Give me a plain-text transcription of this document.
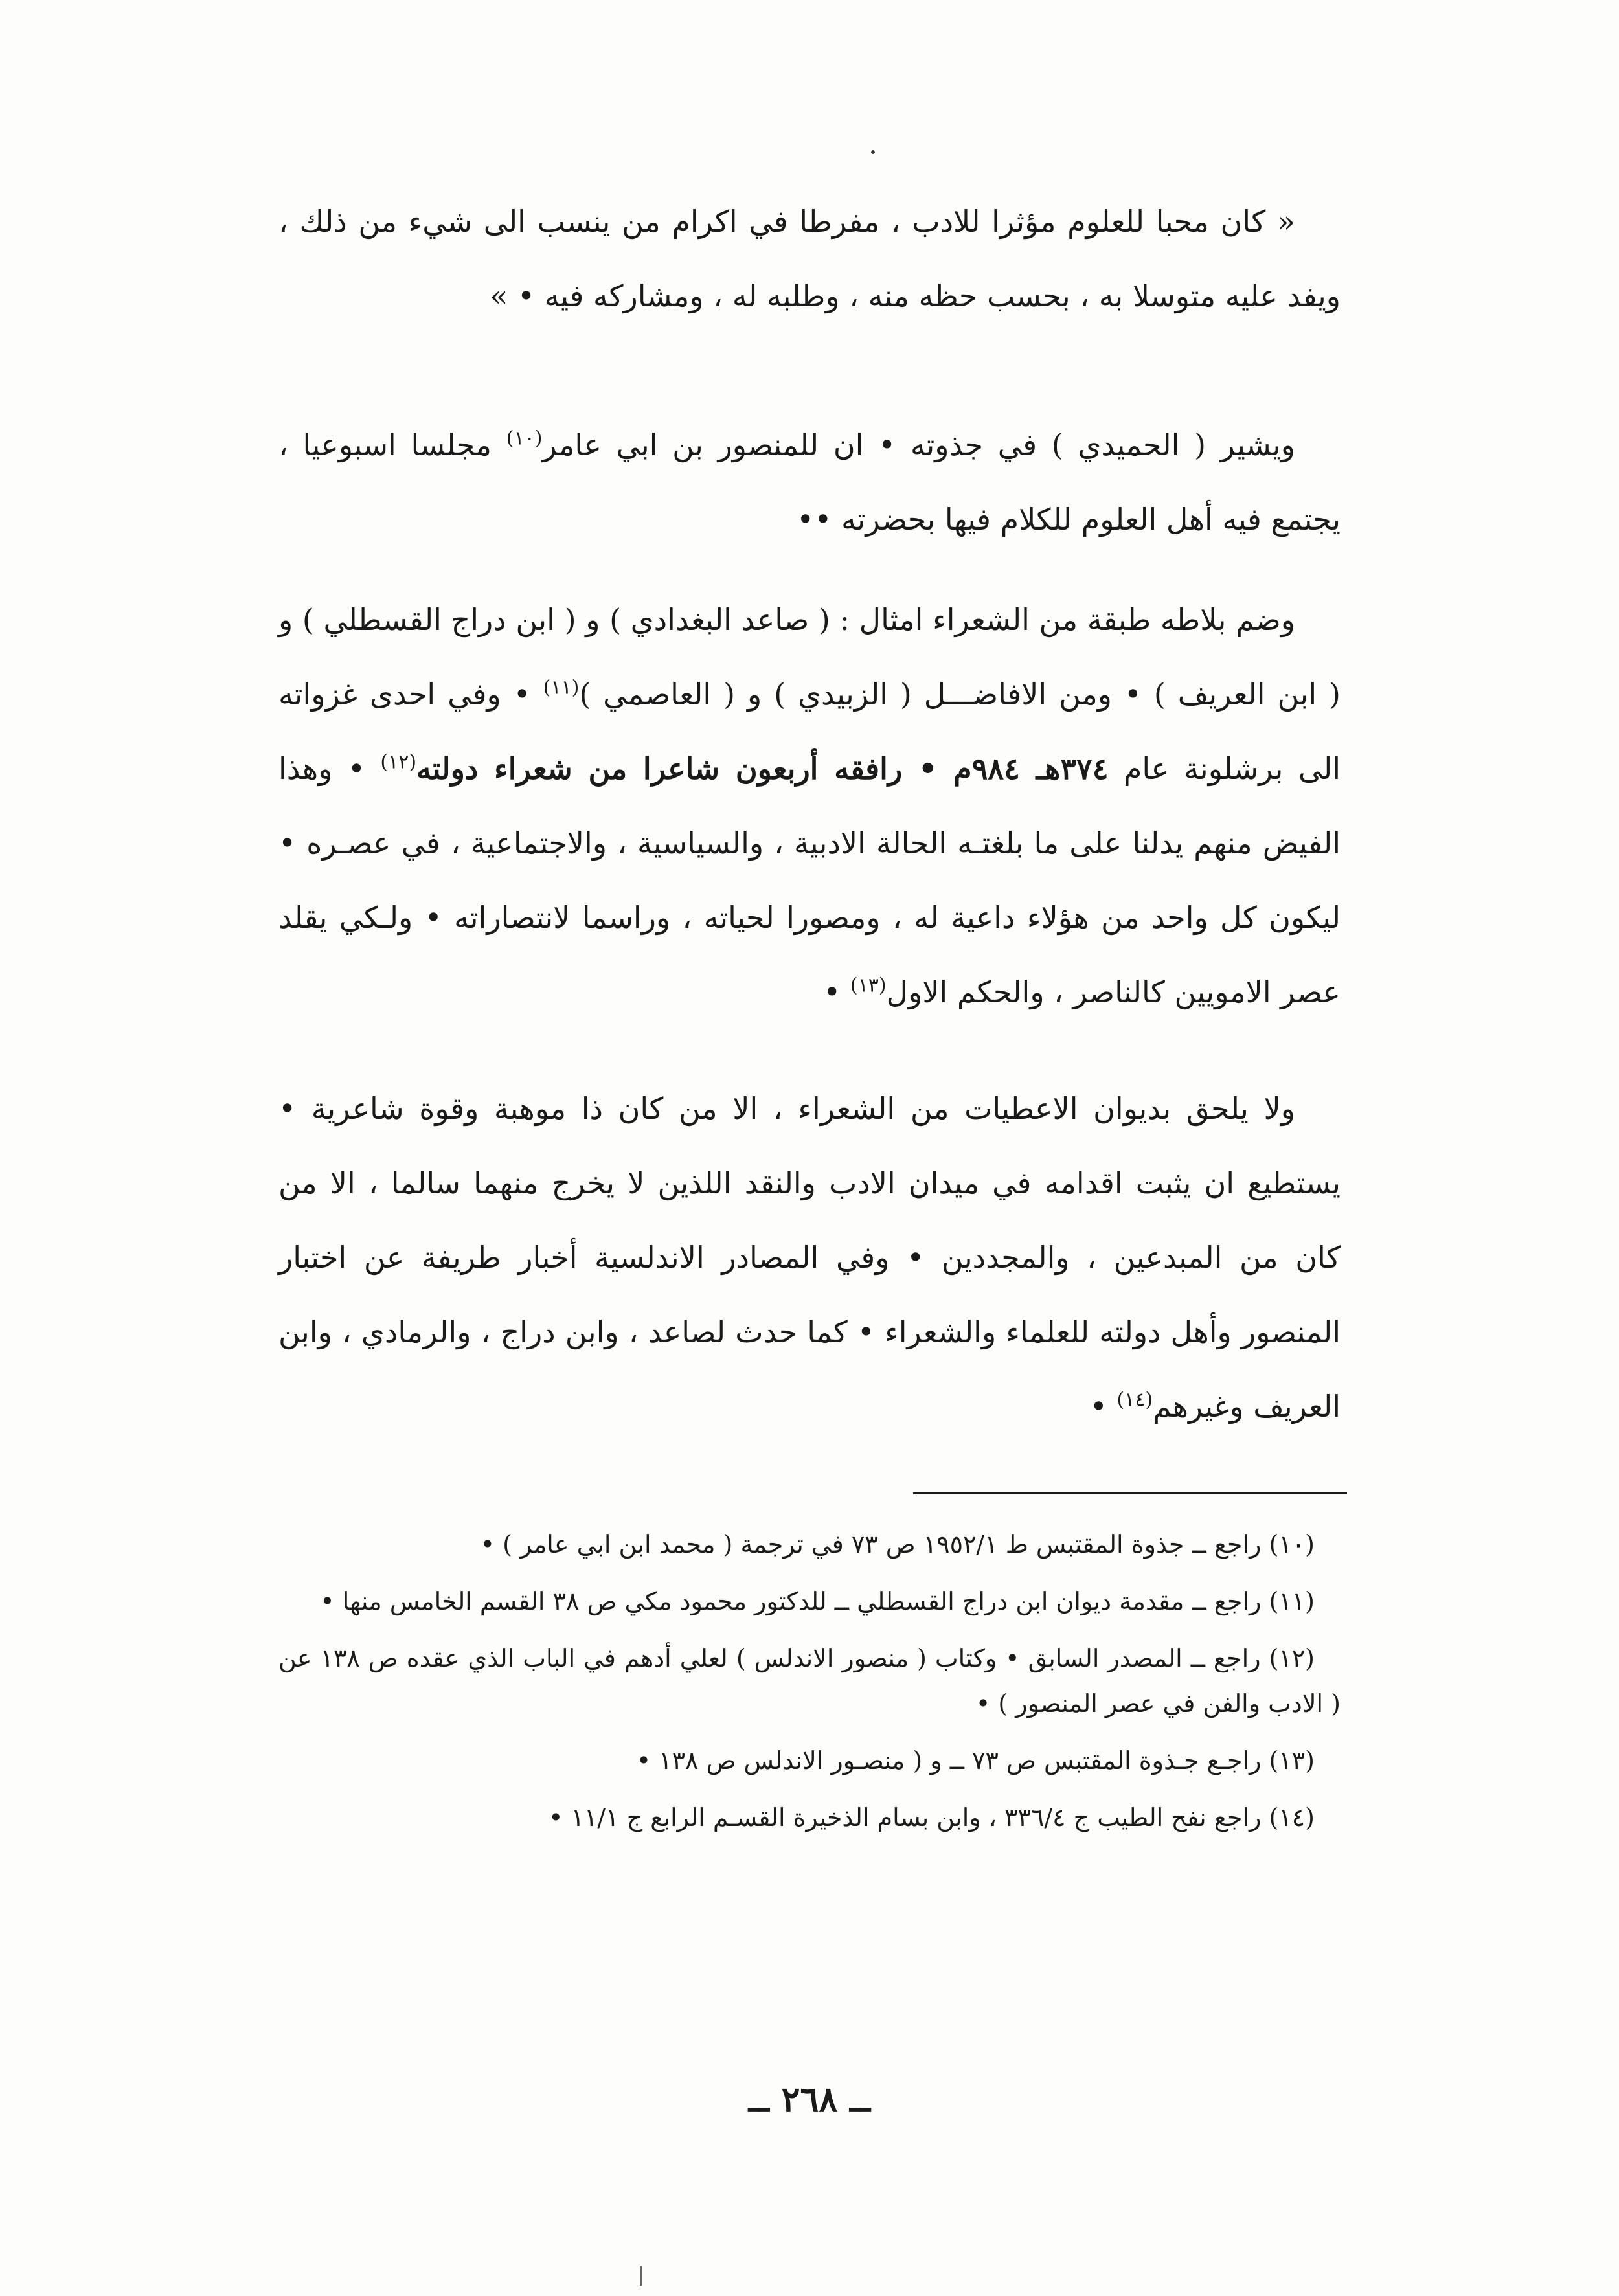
« كان محبا للعلوم مؤثرا للادب ، مفرطا في اكرام من ينسب الى شيء من ذلك ، ويفد عليه متوسلا به ، بحسب حظه منه ، وطلبه له ، ومشاركه فيه • »

ويشير ( الحميدي ) في جذوته • ان للمنصور بن ابي عامر$^{(١٠)}$ مجلسا اسبوعيا ، يجتمع فيه أهل العلوم للكلام فيها بحضرته ••

وضم بلاطه طبقة من الشعراء امثال : ( صاعد البغدادي ) و ( ابن دراج القسطلي ) و ( ابن العريف ) • ومن الافاضـــل ( الزبيدي ) و ( العاصمي )$^{(١١)}$ • وفي احدى غزواته الى برشلونة عام ٣٧٤هـ ٩٨٤م • رافقه أربعون شاعرا من شعراء دولته$^{(١٢)}$ • وهذا الفيض منهم يدلنا على ما بلغتـه الحالة الادبية ، والسياسية ، والاجتماعية ، في عصـره • ليكون كل واحد من هؤلاء داعية له ، ومصورا لحياته ، وراسما لانتصاراته • ولـكي يقلد عصر الامويين كالناصر ، والحكم الاول$^{(١٣)}$ •

ولا يلحق بديوان الاعطيات من الشعراء ، الا من كان ذا موهبة وقوة شاعرية • يستطيع ان يثبت اقدامه في ميدان الادب والنقد اللذين لا يخرج منهما سالما ، الا من كان من المبدعين ، والمجددين • وفي المصادر الاندلسية أخبار طريفة عن اختبار المنصور وأهل دولته للعلماء والشعراء • كما حدث لصاعد ، وابن دراج ، والرمادي ، وابن العريف وغيرهم$^{(١٤)}$ •

(١٠) راجع ــ جذوة المقتبس ط ١٩٥٢/١ ص ٧٣ في ترجمة ( محمد ابن ابي عامر ) •

(١١) راجع ــ مقدمة ديوان ابن دراج القسطلي ــ للدكتور محمود مكي ص ٣٨ القسم الخامس منها •

(١٢) راجع ــ المصدر السابق • وكتاب ( منصور الاندلس ) لعلي أدهم في الباب الذي عقده ص ١٣٨ عن ( الادب والفن في عصر المنصور ) •

(١٣) راجـع جـذوة المقتبس ص ٧٣ ــ و ( منصـور الاندلس ص ١٣٨ •

(١٤) راجع نفح الطيب ج ٣٣٦/٤ ، وابن بسام الذخيرة القسـم الرابع ج ١١/١ •

ــ ٢٦٨ ــ
